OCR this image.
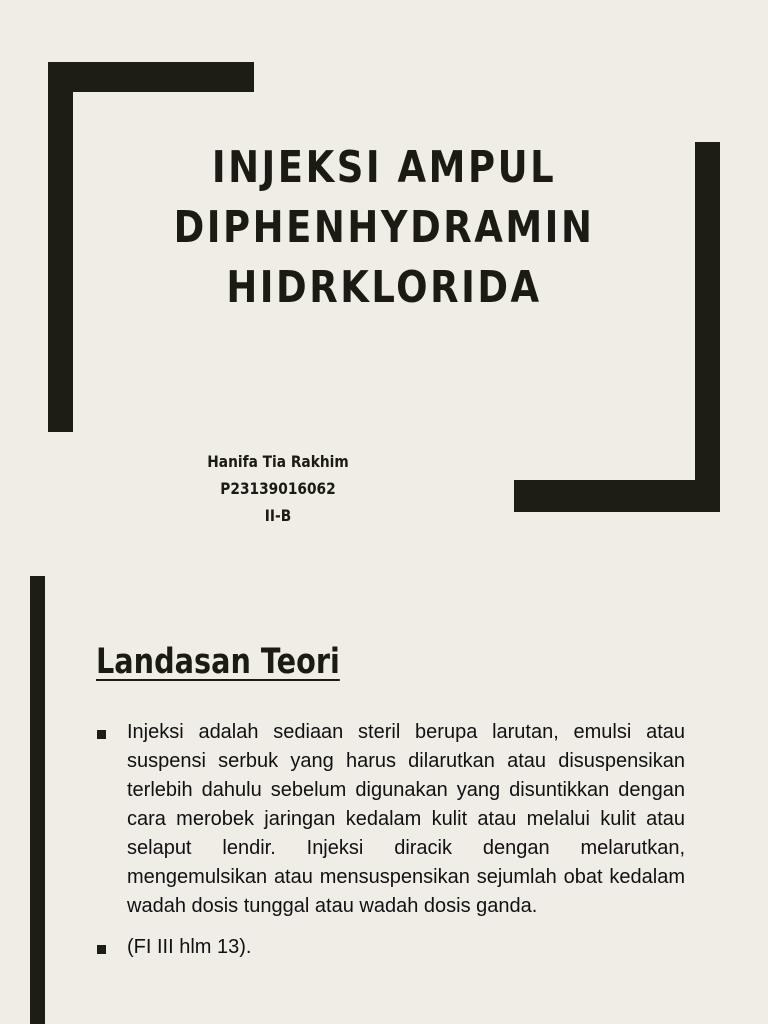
INJEKSI AMPUL
DIPHENHYDRAMIN
HIDRKLORIDA
Hanifa Tia Rakhim
P23139016062
II-B
Landasan Teori
Injeksi adalah sediaan steril berupa larutan, emulsi atau suspensi serbuk yang harus dilarutkan atau disuspensikan terlebih dahulu sebelum digunakan yang disuntikkan dengan cara merobek jaringan kedalam kulit atau melalui kulit atau selaput lendir. Injeksi diracik dengan melarutkan, mengemulsikan atau mensuspensikan sejumlah obat kedalam wadah dosis tunggal atau wadah dosis ganda.
(FI III hlm 13).
